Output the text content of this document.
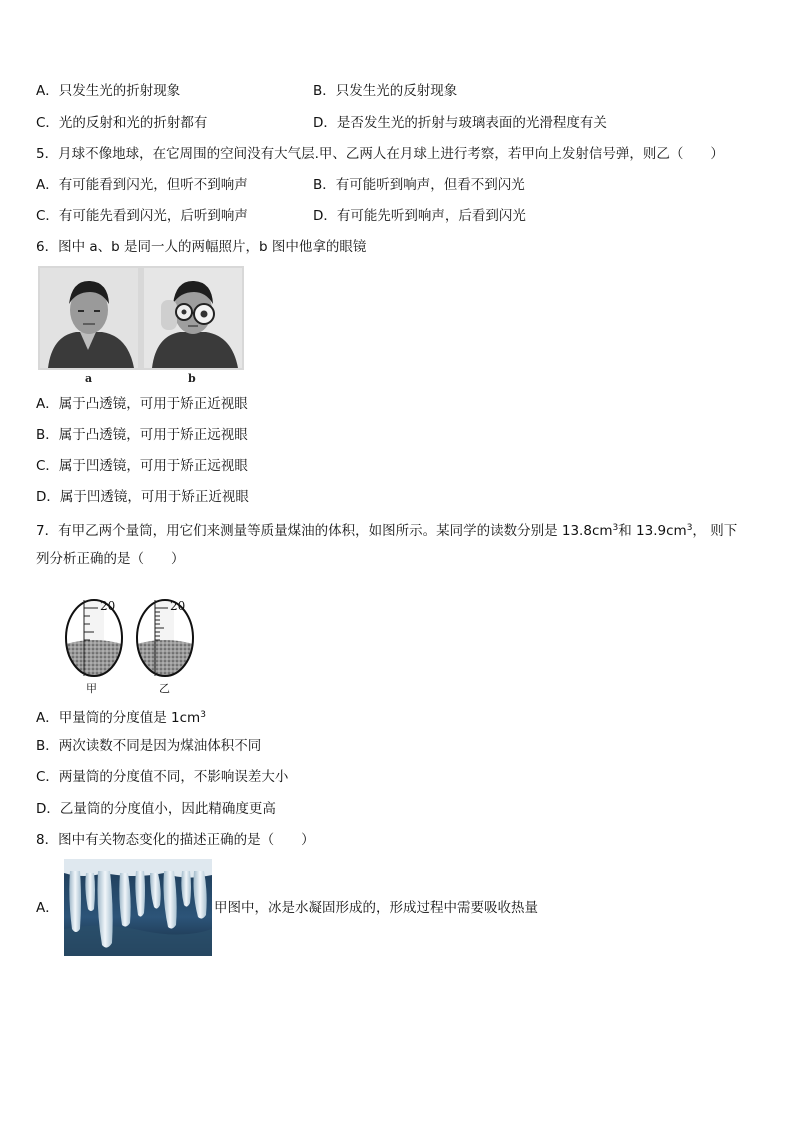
A．只发生光的折射现象	B．只发生光的反射现象
C．光的反射和光的折射都有	D．是否发生光的折射与玻璃表面的光滑程度有关
5．月球不像地球，在它周围的空间没有大气层.甲、乙两人在月球上进行考察，若甲向上发射信号弹，则乙（　　）
A．有可能看到闪光，但听不到响声	B．有可能听到响声，但看不到闪光
C．有可能先看到闪光，后听到响声	D．有可能先听到响声，后看到闪光
6．图中 a、b 是同一人的两幅照片，b 图中他拿的眼镜
a	b
A．属于凸透镜，可用于矫正近视眼
B．属于凸透镜，可用于矫正远视眼
C．属于凹透镜，可用于矫正远视眼
D．属于凹透镜，可用于矫正近视眼
7．有甲乙两个量筒，用它们来测量等质量煤油的体积，如图所示。某同学的读数分别是 $13.8cm^3$和 $13.9cm^3$， 则下
列分析正确的是（　　）
20
甲
20
乙
A．甲量筒的分度值是 $1cm^3$
B．两次读数不同是因为煤油体积不同
C．两量筒的分度值不同，不影响误差大小
D．乙量筒的分度值小，因此精确度更高
8．图中有关物态变化的描述正确的是（　　）
A．	甲图中，冰是水凝固形成的，形成过程中需要吸收热量
